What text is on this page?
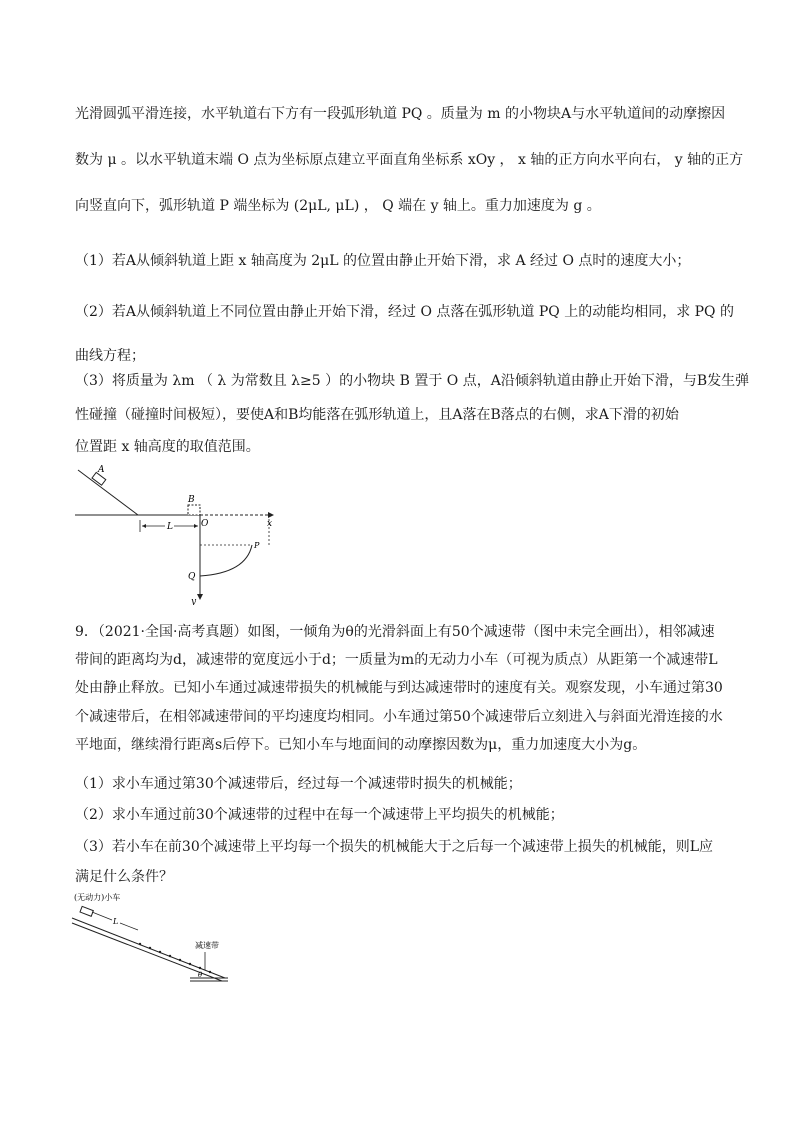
光滑圆弧平滑连接，水平轨道右下方有一段弧形轨道 PQ 。质量为 m 的小物块A与水平轨道间的动摩擦因
数为 μ 。以水平轨道末端 O 点为坐标原点建立平面直角坐标系 xOy ， x 轴的正方向水平向右， y 轴的正方
向竖直向下，弧形轨道 P 端坐标为 (2μL, μL) ， Q 端在 y 轴上。重力加速度为 g 。
（1）若A从倾斜轨道上距 x 轴高度为 2μL 的位置由静止开始下滑，求 A 经过 O 点时的速度大小；
（2）若A从倾斜轨道上不同位置由静止开始下滑，经过 O 点落在弧形轨道 PQ 上的动能均相同，求 PQ 的
曲线方程；
（3）将质量为 λm （ λ 为常数且 λ≥5 ）的小物块 B 置于 O 点，A沿倾斜轨道由静止开始下滑，与B发生弹
性碰撞（碰撞时间极短），要使A和B均能落在弧形轨道上，且A落在B落点的右侧，求A下滑的初始
位置距 x 轴高度的取值范围。
A
x
y
B
O
L
P
Q
9．（2021·全国·高考真题）如图，一倾角为θ的光滑斜面上有50个减速带（图中未完全画出），相邻减速
带间的距离均为d，减速带的宽度远小于d；一质量为m的无动力小车（可视为质点）从距第一个减速带L
处由静止释放。已知小车通过减速带损失的机械能与到达减速带时的速度有关。观察发现，小车通过第30
个减速带后，在相邻减速带间的平均速度均相同。小车通过第50个减速带后立刻进入与斜面光滑连接的水
平地面，继续滑行距离s后停下。已知小车与地面间的动摩擦因数为μ，重力加速度大小为g。
（1）求小车通过第30个减速带后，经过每一个减速带时损失的机械能；
（2）求小车通过前30个减速带的过程中在每一个减速带上平均损失的机械能；
（3）若小车在前30个减速带上平均每一个损失的机械能大于之后每一个减速带上损失的机械能，则L应
满足什么条件？
(无动力)小车
L
减速带
θ
